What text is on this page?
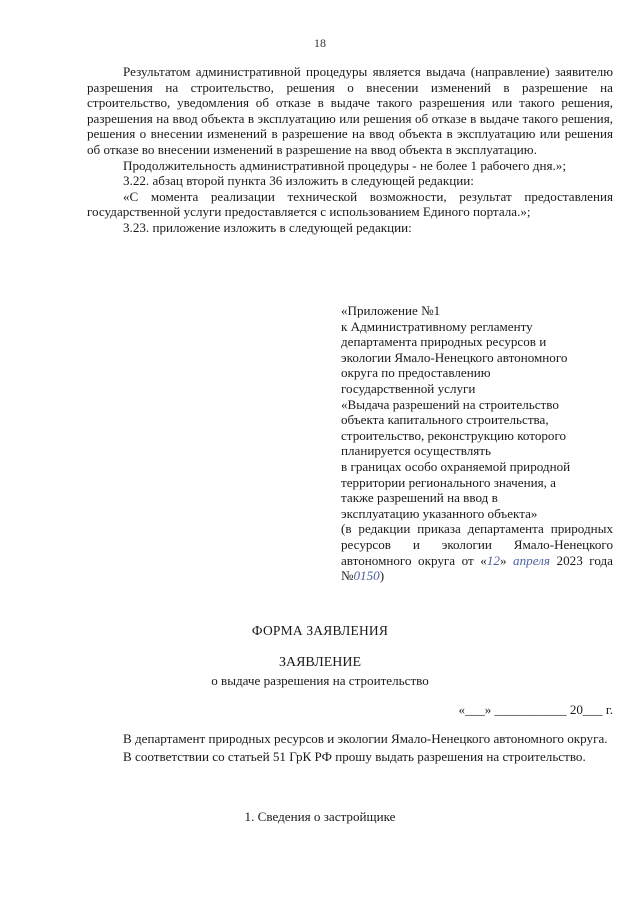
18

Результатом административной процедуры является выдача (направление) заявителю разрешения на строительство, решения о внесении изменений в разрешение на строительство, уведомления об отказе в выдаче такого разрешения или такого решения, разрешения на ввод объекта в эксплуатацию или решения об отказе в выдаче такого решения, решения о внесении изменений в разрешение на ввод объекта в эксплуатацию или решения об отказе во внесении изменений в разрешение на ввод объекта в эксплуатацию.

Продолжительность административной процедуры - не более 1 рабочего дня.»;

3.22. абзац второй пункта 36 изложить в следующей редакции:

«С момента реализации технической возможности, результат предоставления государственной услуги предоставляется с использованием Единого портала.»;

3.23. приложение изложить в следующей редакции:

«Приложение №1

к Административному регламенту

департамента природных ресурсов и

экологии Ямало-Ненецкого автономного

округа по предоставлению

государственной услуги

«Выдача разрешений на строительство

объекта капитального строительства,

строительство, реконструкцию которого

планируется осуществлять

в границах особо охраняемой природной

территории регионального значения, а

также разрешений на ввод в

эксплуатацию указанного объекта»

(в редакции приказа департамента природных ресурсов и экологии Ямало-Ненецкого автономного округа от «12» апреля 2023 года №0150)

ФОРМА ЗАЯВЛЕНИЯ
ЗАЯВЛЕНИЕ
о выдаче разрешения на строительство
«___» ___________ 20___ г.

В департамент природных ресурсов и экологии Ямало-Ненецкого автономного округа.

В соответствии со статьей 51 ГрК РФ прошу выдать разрешения на строительство.

1. Сведения о застройщике
